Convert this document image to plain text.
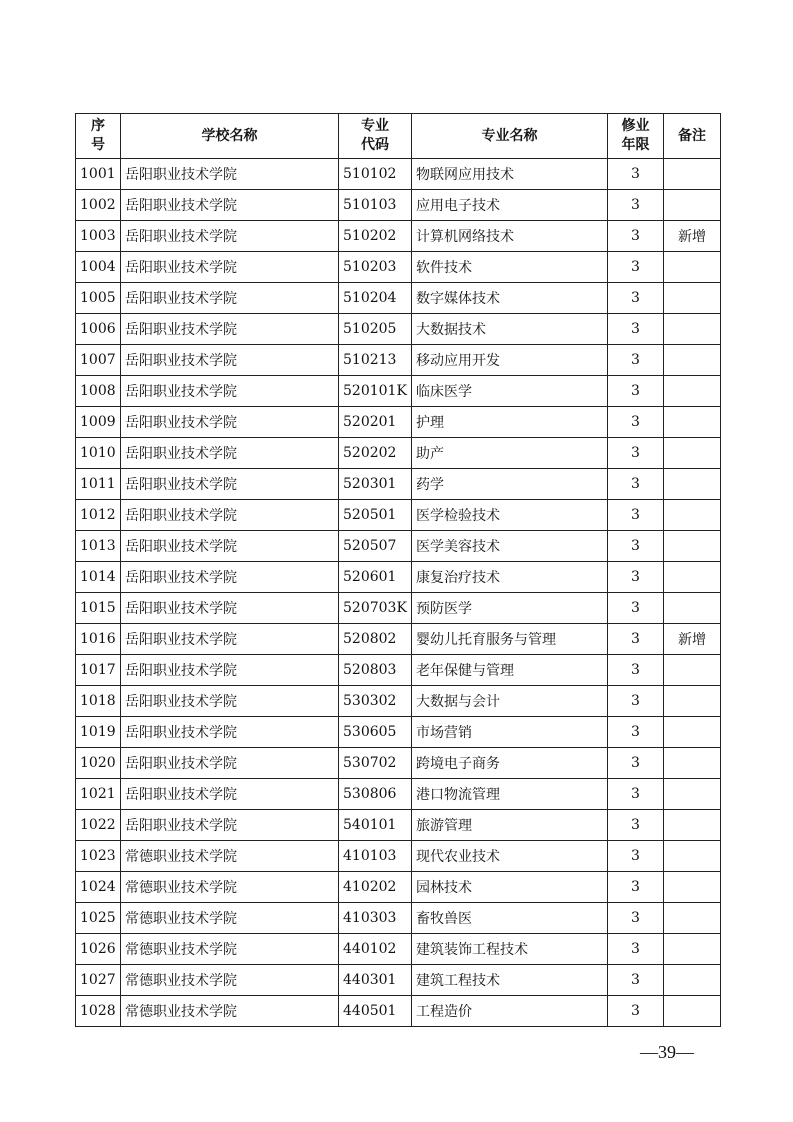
序号	学校名称	专业代码	专业名称	修业年限	备注
1001	岳阳职业技术学院	510102	物联网应用技术	3	
1002	岳阳职业技术学院	510103	应用电子技术	3	
1003	岳阳职业技术学院	510202	计算机网络技术	3	新增
1004	岳阳职业技术学院	510203	软件技术	3	
1005	岳阳职业技术学院	510204	数字媒体技术	3	
1006	岳阳职业技术学院	510205	大数据技术	3	
1007	岳阳职业技术学院	510213	移动应用开发	3	
1008	岳阳职业技术学院	520101K	临床医学	3	
1009	岳阳职业技术学院	520201	护理	3	
1010	岳阳职业技术学院	520202	助产	3	
1011	岳阳职业技术学院	520301	药学	3	
1012	岳阳职业技术学院	520501	医学检验技术	3	
1013	岳阳职业技术学院	520507	医学美容技术	3	
1014	岳阳职业技术学院	520601	康复治疗技术	3	
1015	岳阳职业技术学院	520703K	预防医学	3	
1016	岳阳职业技术学院	520802	婴幼儿托育服务与管理	3	新增
1017	岳阳职业技术学院	520803	老年保健与管理	3	
1018	岳阳职业技术学院	530302	大数据与会计	3	
1019	岳阳职业技术学院	530605	市场营销	3	
1020	岳阳职业技术学院	530702	跨境电子商务	3	
1021	岳阳职业技术学院	530806	港口物流管理	3	
1022	岳阳职业技术学院	540101	旅游管理	3	
1023	常德职业技术学院	410103	现代农业技术	3	
1024	常德职业技术学院	410202	园林技术	3	
1025	常德职业技术学院	410303	畜牧兽医	3	
1026	常德职业技术学院	440102	建筑装饰工程技术	3	
1027	常德职业技术学院	440301	建筑工程技术	3	
1028	常德职业技术学院	440501	工程造价	3	
—39—
